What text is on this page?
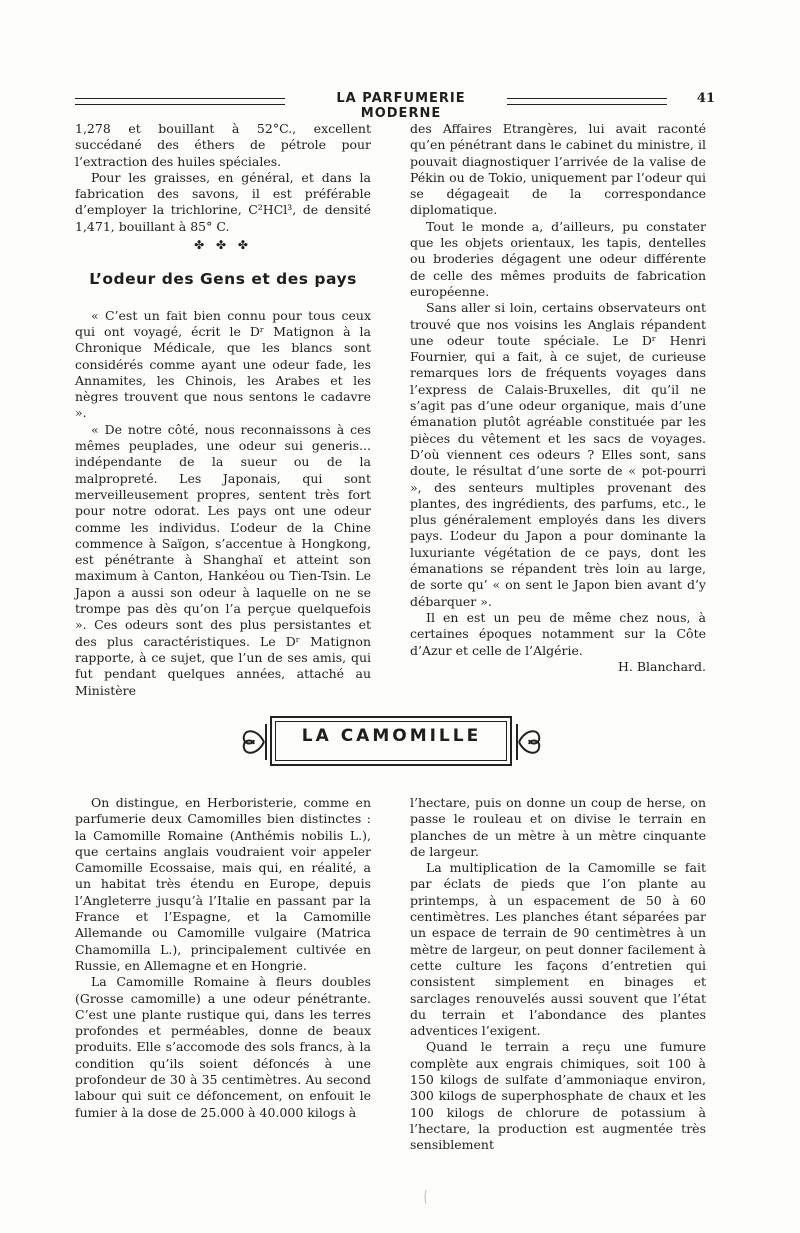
LA PARFUMERIE MODERNE
41

1,278 et bouillant à 52°C., excellent succédané des éthers de pétrole pour l’extraction des huiles spéciales.

Pour les graisses, en général, et dans la fabrication des savons, il est préférable d’employer la trichlorine, C²HCl³, de densité 1,471, bouillant à 85° C.

✤ ✤ ✤
L’odeur des Gens et des pays

« C’est un fait bien connu pour tous ceux qui ont voyagé, écrit le Dʳ Matignon à la Chronique Médicale, que les blancs sont considérés comme ayant une odeur fade, les Annamites, les Chinois, les Arabes et les nègres trouvent que nous sentons le cadavre ».

« De notre côté, nous reconnaissons à ces mêmes peuplades, une odeur sui generis... indépendante de la sueur ou de la malpropreté. Les Japonais, qui sont merveilleusement propres, sentent très fort pour notre odorat. Les pays ont une odeur comme les individus. L’odeur de la Chine commence à Saïgon, s’accentue à Hongkong, est pénétrante à Shanghaï et atteint son maximum à Canton, Hankéou ou Tien-Tsin. Le Japon a aussi son odeur à laquelle on ne se trompe pas dès qu’on l’a perçue quelquefois ». Ces odeurs sont des plus persistantes et des plus caractéristiques. Le Dʳ Matignon rapporte, à ce sujet, que l’un de ses amis, qui fut pendant quelques années, attaché au Ministère

des Affaires Etrangères, lui avait raconté qu’en pénétrant dans le cabinet du ministre, il pouvait diagnostiquer l’arrivée de la valise de Pékin ou de Tokio, uniquement par l’odeur qui se dégageait de la correspondance diplomatique.

Tout le monde a, d’ailleurs, pu constater que les objets orientaux, les tapis, dentelles ou broderies dégagent une odeur différente de celle des mêmes produits de fabrication européenne.

Sans aller si loin, certains observateurs ont trouvé que nos voisins les Anglais répandent une odeur toute spéciale. Le Dʳ Henri Fournier, qui a fait, à ce sujet, de curieuse remarques lors de fréquents voyages dans l’express de Calais-Bruxelles, dit qu’il ne s’agit pas d’une odeur organique, mais d’une émanation plutôt agréable constituée par les pièces du vêtement et les sacs de voyages. D’où viennent ces odeurs ? Elles sont, sans doute, le résultat d’une sorte de « pot-pourri », des senteurs multiples provenant des plantes, des ingrédients, des parfums, etc., le plus généralement employés dans les divers pays. L’odeur du Japon a pour dominante la luxuriante végétation de ce pays, dont les émanations se répandent très loin au large, de sorte qu’ « on sent le Japon bien avant d’y débarquer ».

Il en est un peu de même chez nous, à certaines époques notamment sur la Côte d’Azur et celle de l’Algérie.

H. Blanchard.

LA CAMOMILLE

On distingue, en Herboristerie, comme en parfumerie deux Camomilles bien distinctes : la Camomille Romaine (Anthémis nobilis L.), que certains anglais voudraient voir appeler Camomille Ecossaise, mais qui, en réalité, a un habitat très étendu en Europe, depuis l’Angleterre jusqu’à l’Italie en passant par la France et l’Espagne, et la Camomille Allemande ou Camomille vulgaire (Matrica Chamomilla L.), principalement cultivée en Russie, en Allemagne et en Hongrie.

La Camomille Romaine à fleurs doubles (Grosse camomille) a une odeur pénétrante. C’est une plante rustique qui, dans les terres profondes et perméables, donne de beaux produits. Elle s’accomode des sols francs, à la condition qu’ils soient défoncés à une profondeur de 30 à 35 centimètres. Au second labour qui suit ce défoncement, on enfouit le fumier à la dose de 25.000 à 40.000 kilogs à

l’hectare, puis on donne un coup de herse, on passe le rouleau et on divise le terrain en planches de un mètre à un mètre cinquante de largeur.

La multiplication de la Camomille se fait par éclats de pieds que l’on plante au printemps, à un espacement de 50 à 60 centimètres. Les planches étant séparées par un espace de terrain de 90 centimètres à un mètre de largeur, on peut donner facilement à cette culture les façons d’entretien qui consistent simplement en binages et sarclages renouvelés aussi souvent que l’état du terrain et l’abondance des plantes adventices l’exigent.

Quand le terrain a reçu une fumure complète aux engrais chimiques, soit 100 à 150 kilogs de sulfate d’ammoniaque environ, 300 kilogs de superphosphate de chaux et les 100 kilogs de chlorure de potassium à l’hectare, la production est augmentée très sensiblement
